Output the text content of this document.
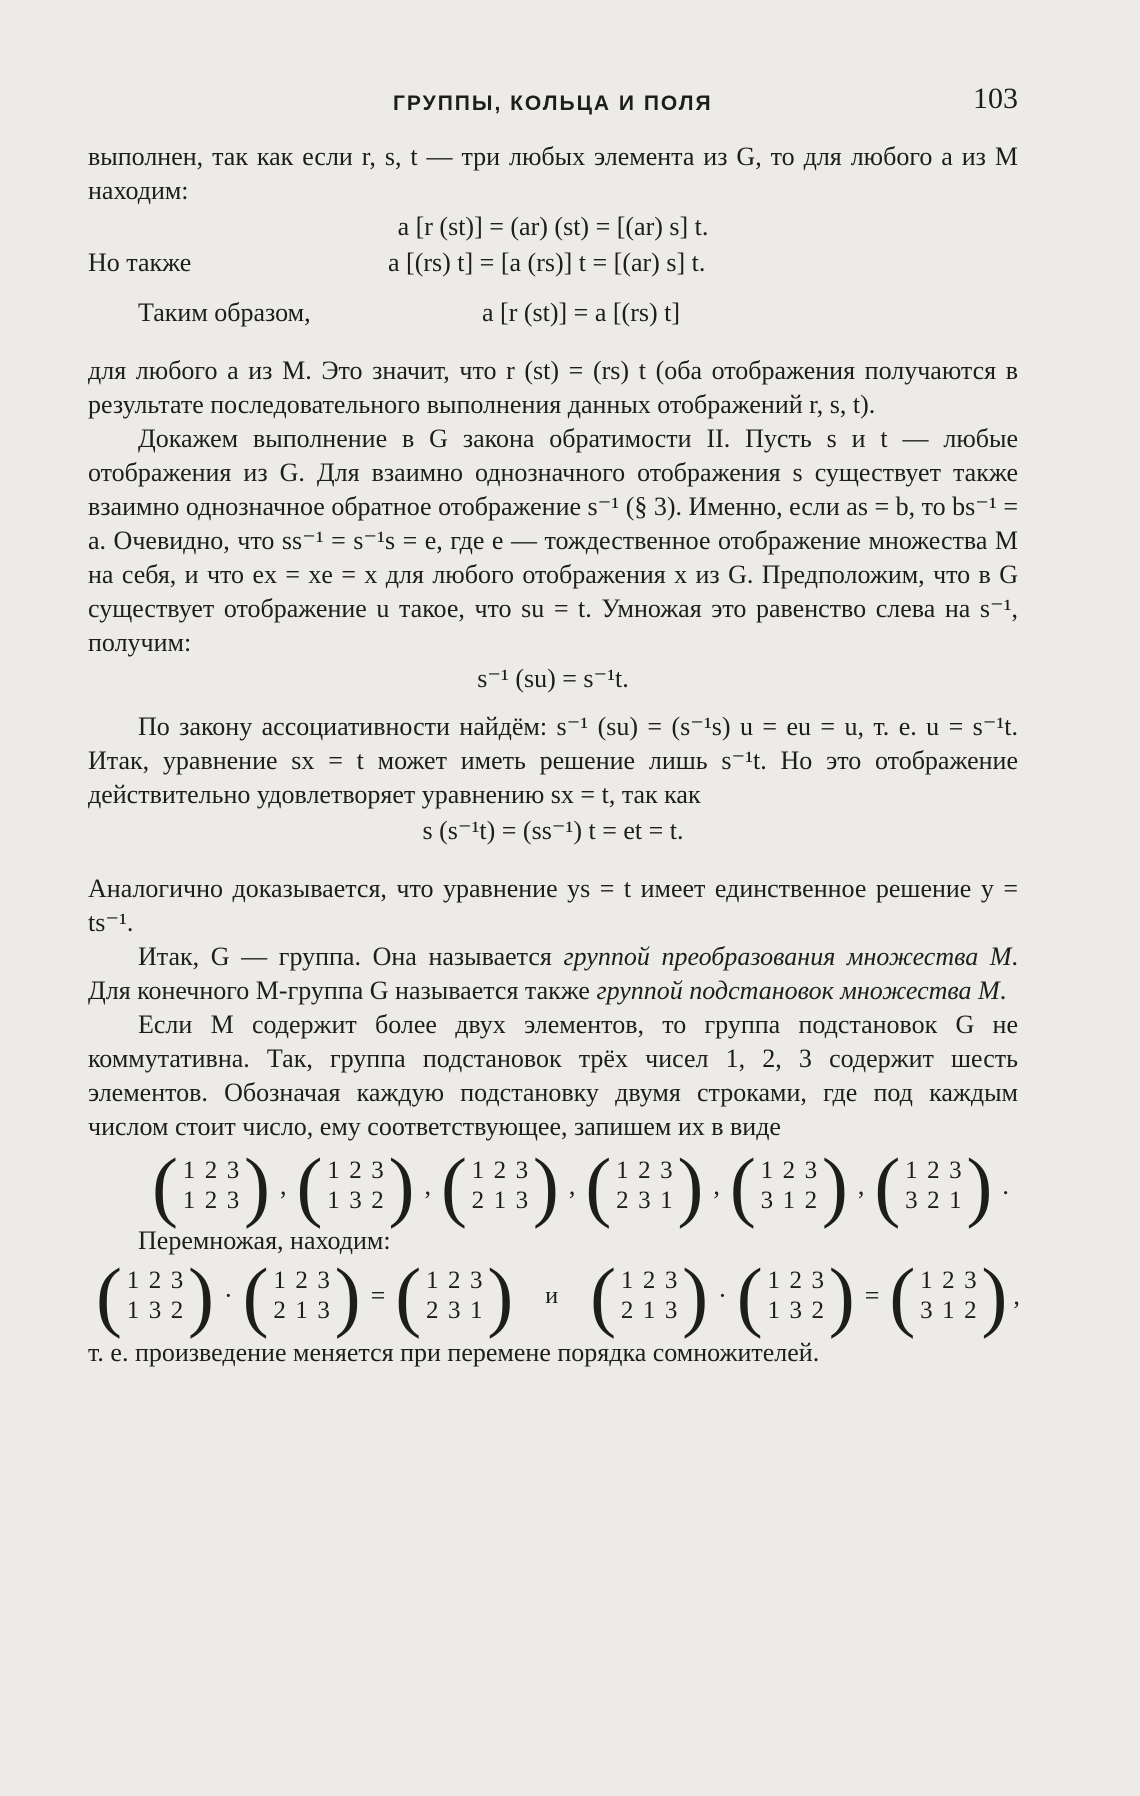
ГРУППЫ, КОЛЬЦА И ПОЛЯ	103

выполнен, так как если r, s, t — три любых элемента из G, то для любого a из M находим:

a [r (st)] = (ar) (st) = [(ar) s] t.
Но также	a [(rs) t] = [a (rs)] t = [(ar) s] t.
Таким образом,	a [r (st)] = a [(rs) t]

для любого a из M. Это значит, что r (st) = (rs) t (оба отображения получаются в результате последовательного выполнения данных отображений r, s, t).

Докажем выполнение в G закона обратимости II. Пусть s и t — любые отображения из G. Для взаимно однозначного отображения s существует также взаимно однозначное обратное отображение s⁻¹ (§ 3). Именно, если as = b, то bs⁻¹ = a. Очевидно, что ss⁻¹ = s⁻¹s = e, где e — тождественное отображение множества M на себя, и что ex = xe = x для любого отображения x из G. Предположим, что в G существует отображение u такое, что su = t. Умножая это равенство слева на s⁻¹, получим:

s⁻¹ (su) = s⁻¹t.

По закону ассоциативности найдём: s⁻¹ (su) = (s⁻¹s) u = eu = u, т. е. u = s⁻¹t. Итак, уравнение sx = t может иметь решение лишь s⁻¹t. Но это отображение действительно удовлетворяет уравнению sx = t, так как

s (s⁻¹t) = (ss⁻¹) t = et = t.

Аналогично доказывается, что уравнение ys = t имеет единственное решение y = ts⁻¹.

Итак, G — группа. Она называется группой преобразования множества M. Для конечного M-группа G называется также группой подстановок множества M.

Если M содержит более двух элементов, то группа подстановок G не коммутативна. Так, группа подстановок трёх чисел 1, 2, 3 содержит шесть элементов. Обозначая каждую подстановку двумя строками, где под каждым числом стоит число, ему соответствующее, запишем их в виде

( 1 2 3
1 2 3 ) , ( 1 2 3
1 3 2 ) , ( 1 2 3
2 1 3 ) , ( 1 2 3
2 3 1 ) , ( 1 2 3
3 1 2 ) , ( 1 2 3
3 2 1 ) .

Перемножая, находим:

( 1 2 3
1 3 2 ) · ( 1 2 3
2 1 3 ) = ( 1 2 3
2 3 1 )	и ( 1 2 3
2 1 3 ) · ( 1 2 3
1 3 2 ) = ( 1 2 3
3 1 2 ) ,

т. е. произведение меняется при перемене порядка сомножителей.
